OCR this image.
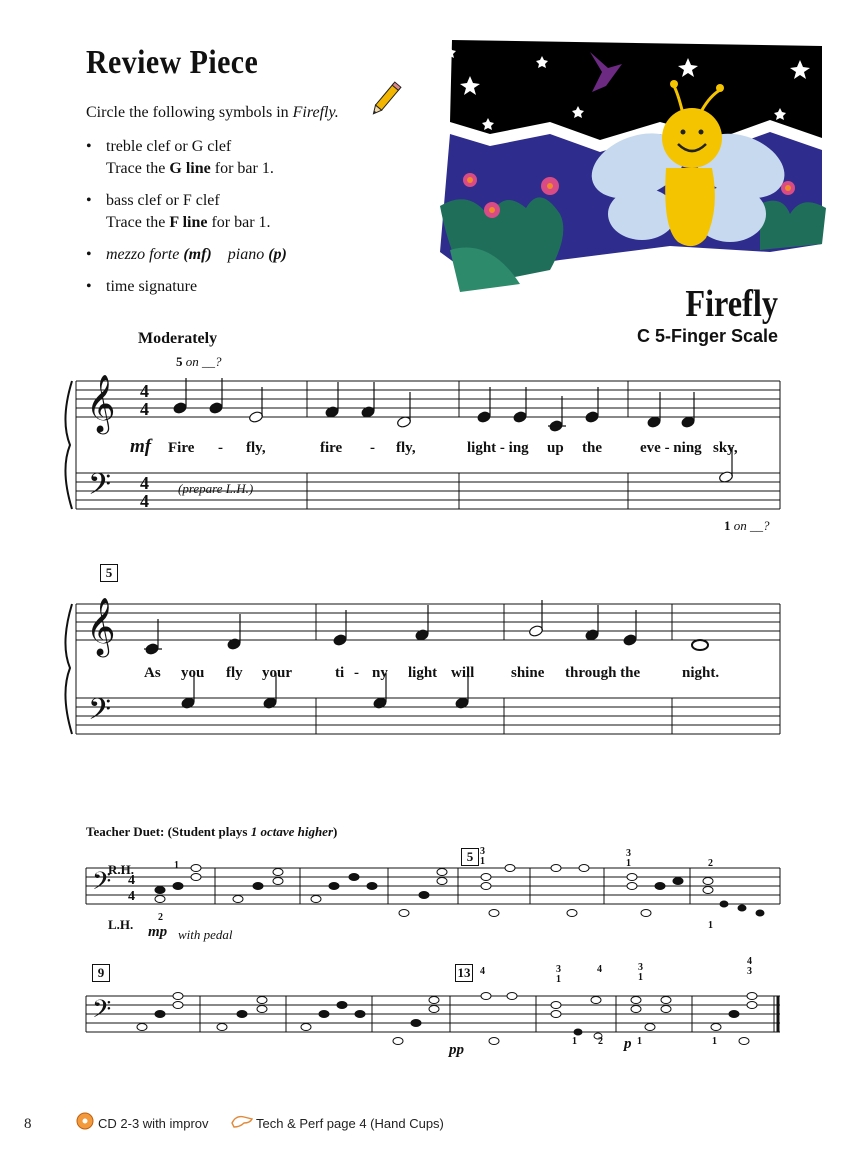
Review Piece
Circle the following symbols in Firefly.
• treble clef or G clef
Trace the G line for bar 1.
• bass clef or F clef
Trace the F line for bar 1.
• mezzo forte (mf) piano (p)
• time signature	Firefly
C 5-Finger Scale
Moderately
𝄞
𝄢
𝄞
𝄢
𝄢
𝄢
4
4
4
4
4
4
5 on __?
mf Fire - fly,	fire - fly,	light - ing up the	eve - ning sky,
(prepare L.H.)
1 on __?
5
As you fly your	ti - ny light will shine through the	night.
Teacher Duet: (Student plays 1 octave higher)
R.H.
L.H. mp with pedal
5
9	13
pp	p
1
2
3
1
3
1	2
1
4	3
1
4	3
1
1 2	1
4
3
1
8	CD 2-3 with improv	Tech & Perf page 4 (Hand Cups)
